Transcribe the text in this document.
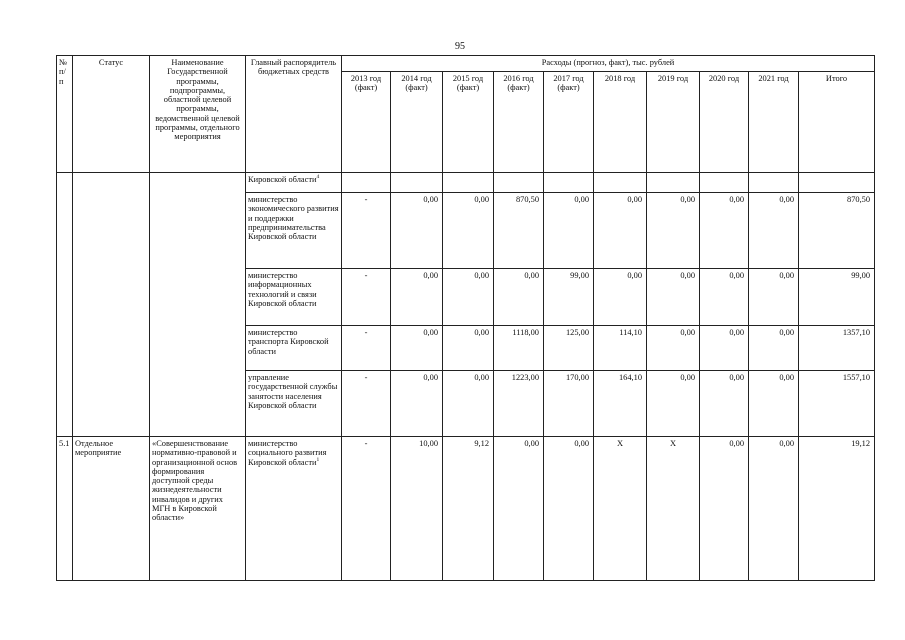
95
№ п/п	Статус	Наименование Государственной программы, подпрограммы, областной целевой программы, ведомственной целевой программы, отдельного мероприятия	Главный распорядитель бюджетных средств	Расходы (прогноз, факт), тыс. рублей									
				2013 год (факт)	2014 год (факт)	2015 год (факт)	2016 год (факт)	2017 год (факт)	2018 год	2019 год	2020 год	2021 год	Итого
			Кировской области$^4$										
			министерство экономического развития и поддержки предпринимательства Кировской области	-	0,00	0,00	870,50	0,00	0,00	0,00	0,00	0,00	870,50
			министерство информационных технологий и связи Кировской области	-	0,00	0,00	0,00	99,00	0,00	0,00	0,00	0,00	99,00
			министерство транспорта Кировской области	-	0,00	0,00	1118,00	125,00	114,10	0,00	0,00	0,00	1357,10
			управление государственной службы занятости населения Кировской области	-	0,00	0,00	1223,00	170,00	164,10	0,00	0,00	0,00	1557,10
5.1	Отдельное мероприятие	«Совершенствование нормативно-правовой и организационной основ формирования доступной среды жизнедеятельности инвалидов и других МГН в Кировской области»	министерство социального развития Кировской области$^1$	-	10,00	9,12	0,00	0,00	Х	Х	0,00	0,00	19,12
